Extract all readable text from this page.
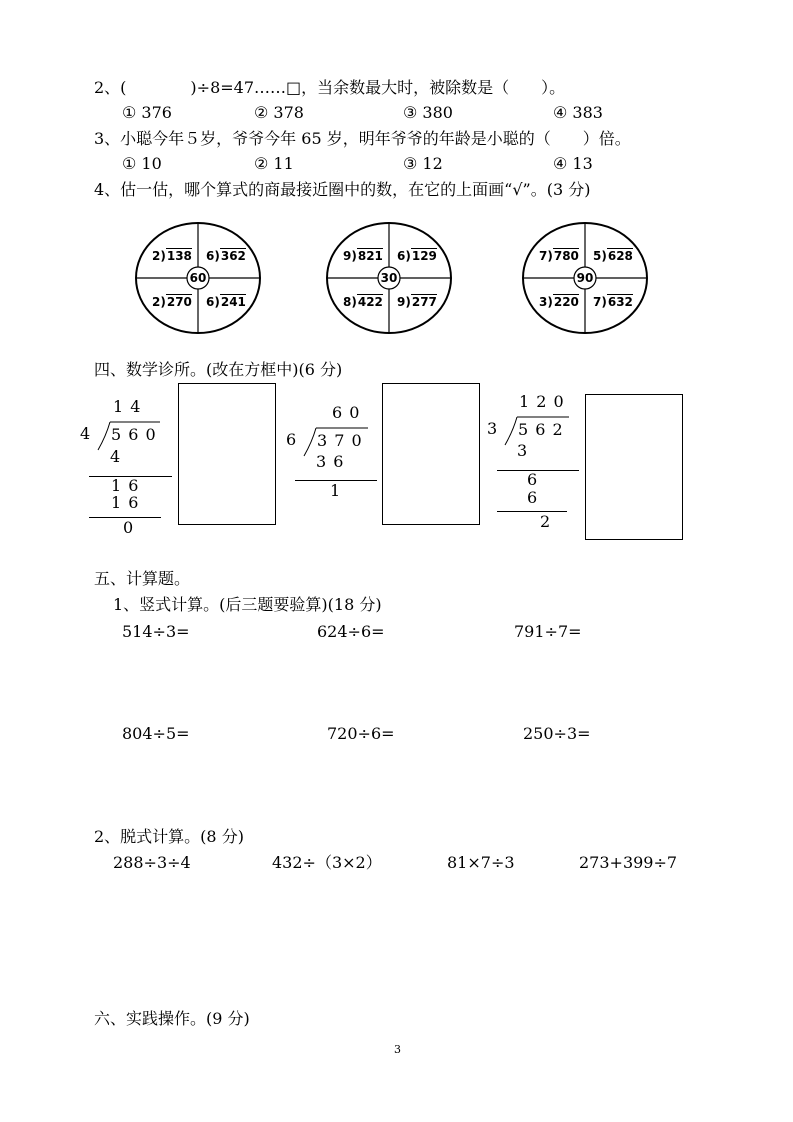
2、(　　　　)÷8=47……□，当余数最大时，被除数是（　　）。
① 376	② 378	③ 380	④ 383
3、小聪今年５岁，爷爷今年 65 岁，明年爷爷的年龄是小聪的（　　）倍。
① 10	② 11	③ 12	④ 13
4、估一估，哪个算式的商最接近圈中的数，在它的上面画“√”。(3 分)
60
2)138 6)362
2)270 6)241
30
9)821 6)129
8)422 9)277
90
7)780 5)628
3)220 7)632
四、数学诊所。(改在方框中)(6 分)
1 4
4 5 6 0
4
1 6
1 6
0
6 0
6 3 7 0
3 6
1
1 2 0
3 5 6 2
3
6
6
2
五、计算题。
1、竖式计算。(后三题要验算)(18 分)
514÷3=	624÷6=	791÷7=
804÷5=	720÷6=	250÷3=
2、脱式计算。(8 分)
288÷3÷4	432÷（3×2）	81×7÷3	273+399÷7
六、实践操作。(9 分)
3
